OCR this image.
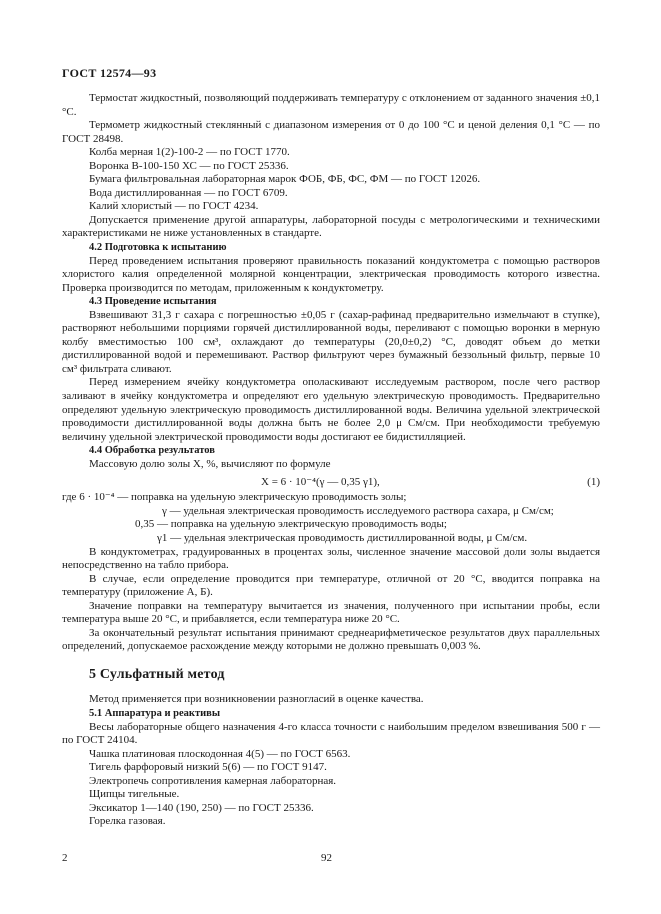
ГОСТ 12574—93

Термостат жидкостный, позволяющий поддерживать температуру с отклонением от заданного значения ±0,1 °С.

Термометр жидкостный стеклянный с диапазоном измерения от 0 до 100 °С и ценой деления 0,1 °С — по ГОСТ 28498.

Колба мерная 1(2)-100-2 — по ГОСТ 1770.

Воронка В-100-150 ХС — по ГОСТ 25336.

Бумага фильтровальная лабораторная марок ФОБ, ФБ, ФС, ФМ — по ГОСТ 12026.

Вода дистиллированная — по ГОСТ 6709.

Калий хлористый — по ГОСТ 4234.

Допускается применение другой аппаратуры, лабораторной посуды с метрологическими и техническими характеристиками не ниже установленных в стандарте.

4.2 Подготовка к испытанию

Перед проведением испытания проверяют правильность показаний кондуктометра с помощью растворов хлористого калия определенной молярной концентрации, электрическая проводимость которого известна. Проверка производится по методам, приложенным к кондуктометру.

4.3 Проведение испытания

Взвешивают 31,3 г сахара с погрешностью ±0,05 г (сахар-рафинад предварительно измельчают в ступке), растворяют небольшими порциями горячей дистиллированной воды, переливают с помощью воронки в мерную колбу вместимостью 100 см³, охлаждают до температуры (20,0±0,2) °С, доводят объем до метки дистиллированной водой и перемешивают. Раствор фильтруют через бумажный беззольный фильтр, первые 10 см³ фильтрата сливают.

Перед измерением ячейку кондуктометра ополаскивают исследуемым раствором, после чего раствор заливают в ячейку кондуктометра и определяют его удельную электрическую проводимость. Предварительно определяют удельную электрическую проводимость дистиллированной воды. Величина удельной электрической проводимости дистиллированной воды должна быть не более 2,0 μ См/см. При необходимости требуемую величину удельной электрической проводимости воды достигают ее бидистилляцией.

4.4 Обработка результатов

Массовую долю золы Х, %, вычисляют по формуле

X = 6 · 10⁻⁴(γ — 0,35 γ1),	(1)

где 6 · 10⁻⁴ — поправка на удельную электрическую проводимость золы;

γ — удельная электрическая проводимость исследуемого раствора сахара, μ См/см;

0,35 — поправка на удельную электрическую проводимость воды;

γ1 — удельная электрическая проводимость дистиллированной воды, μ См/см.

В кондуктометрах, градуированных в процентах золы, численное значение массовой доли золы выдается непосредственно на табло прибора.

В случае, если определение проводится при температуре, отличной от 20 °С, вводится поправка на температуру (приложение А, Б).

Значение поправки на температуру вычитается из значения, полученного при испытании пробы, если температура выше 20 °С, и прибавляется, если температура ниже 20 °С.

За окончательный результат испытания принимают среднеарифметическое результатов двух параллельных определений, допускаемое расхождение между которыми не должно превышать 0,003 %.

5 Сульфатный метод

Метод применяется при возникновении разногласий в оценке качества.

5.1 Аппаратура и реактивы

Весы лабораторные общего назначения 4-го класса точности с наибольшим пределом взвешивания 500 г — по ГОСТ 24104.

Чашка платиновая плоскодонная 4(5) — по ГОСТ 6563.

Тигель фарфоровый низкий 5(6) — по ГОСТ 9147.

Электропечь сопротивления камерная лабораторная.

Щипцы тигельные.

Эксикатор 1—140 (190, 250) — по ГОСТ 25336.

Горелка газовая.

2	92
